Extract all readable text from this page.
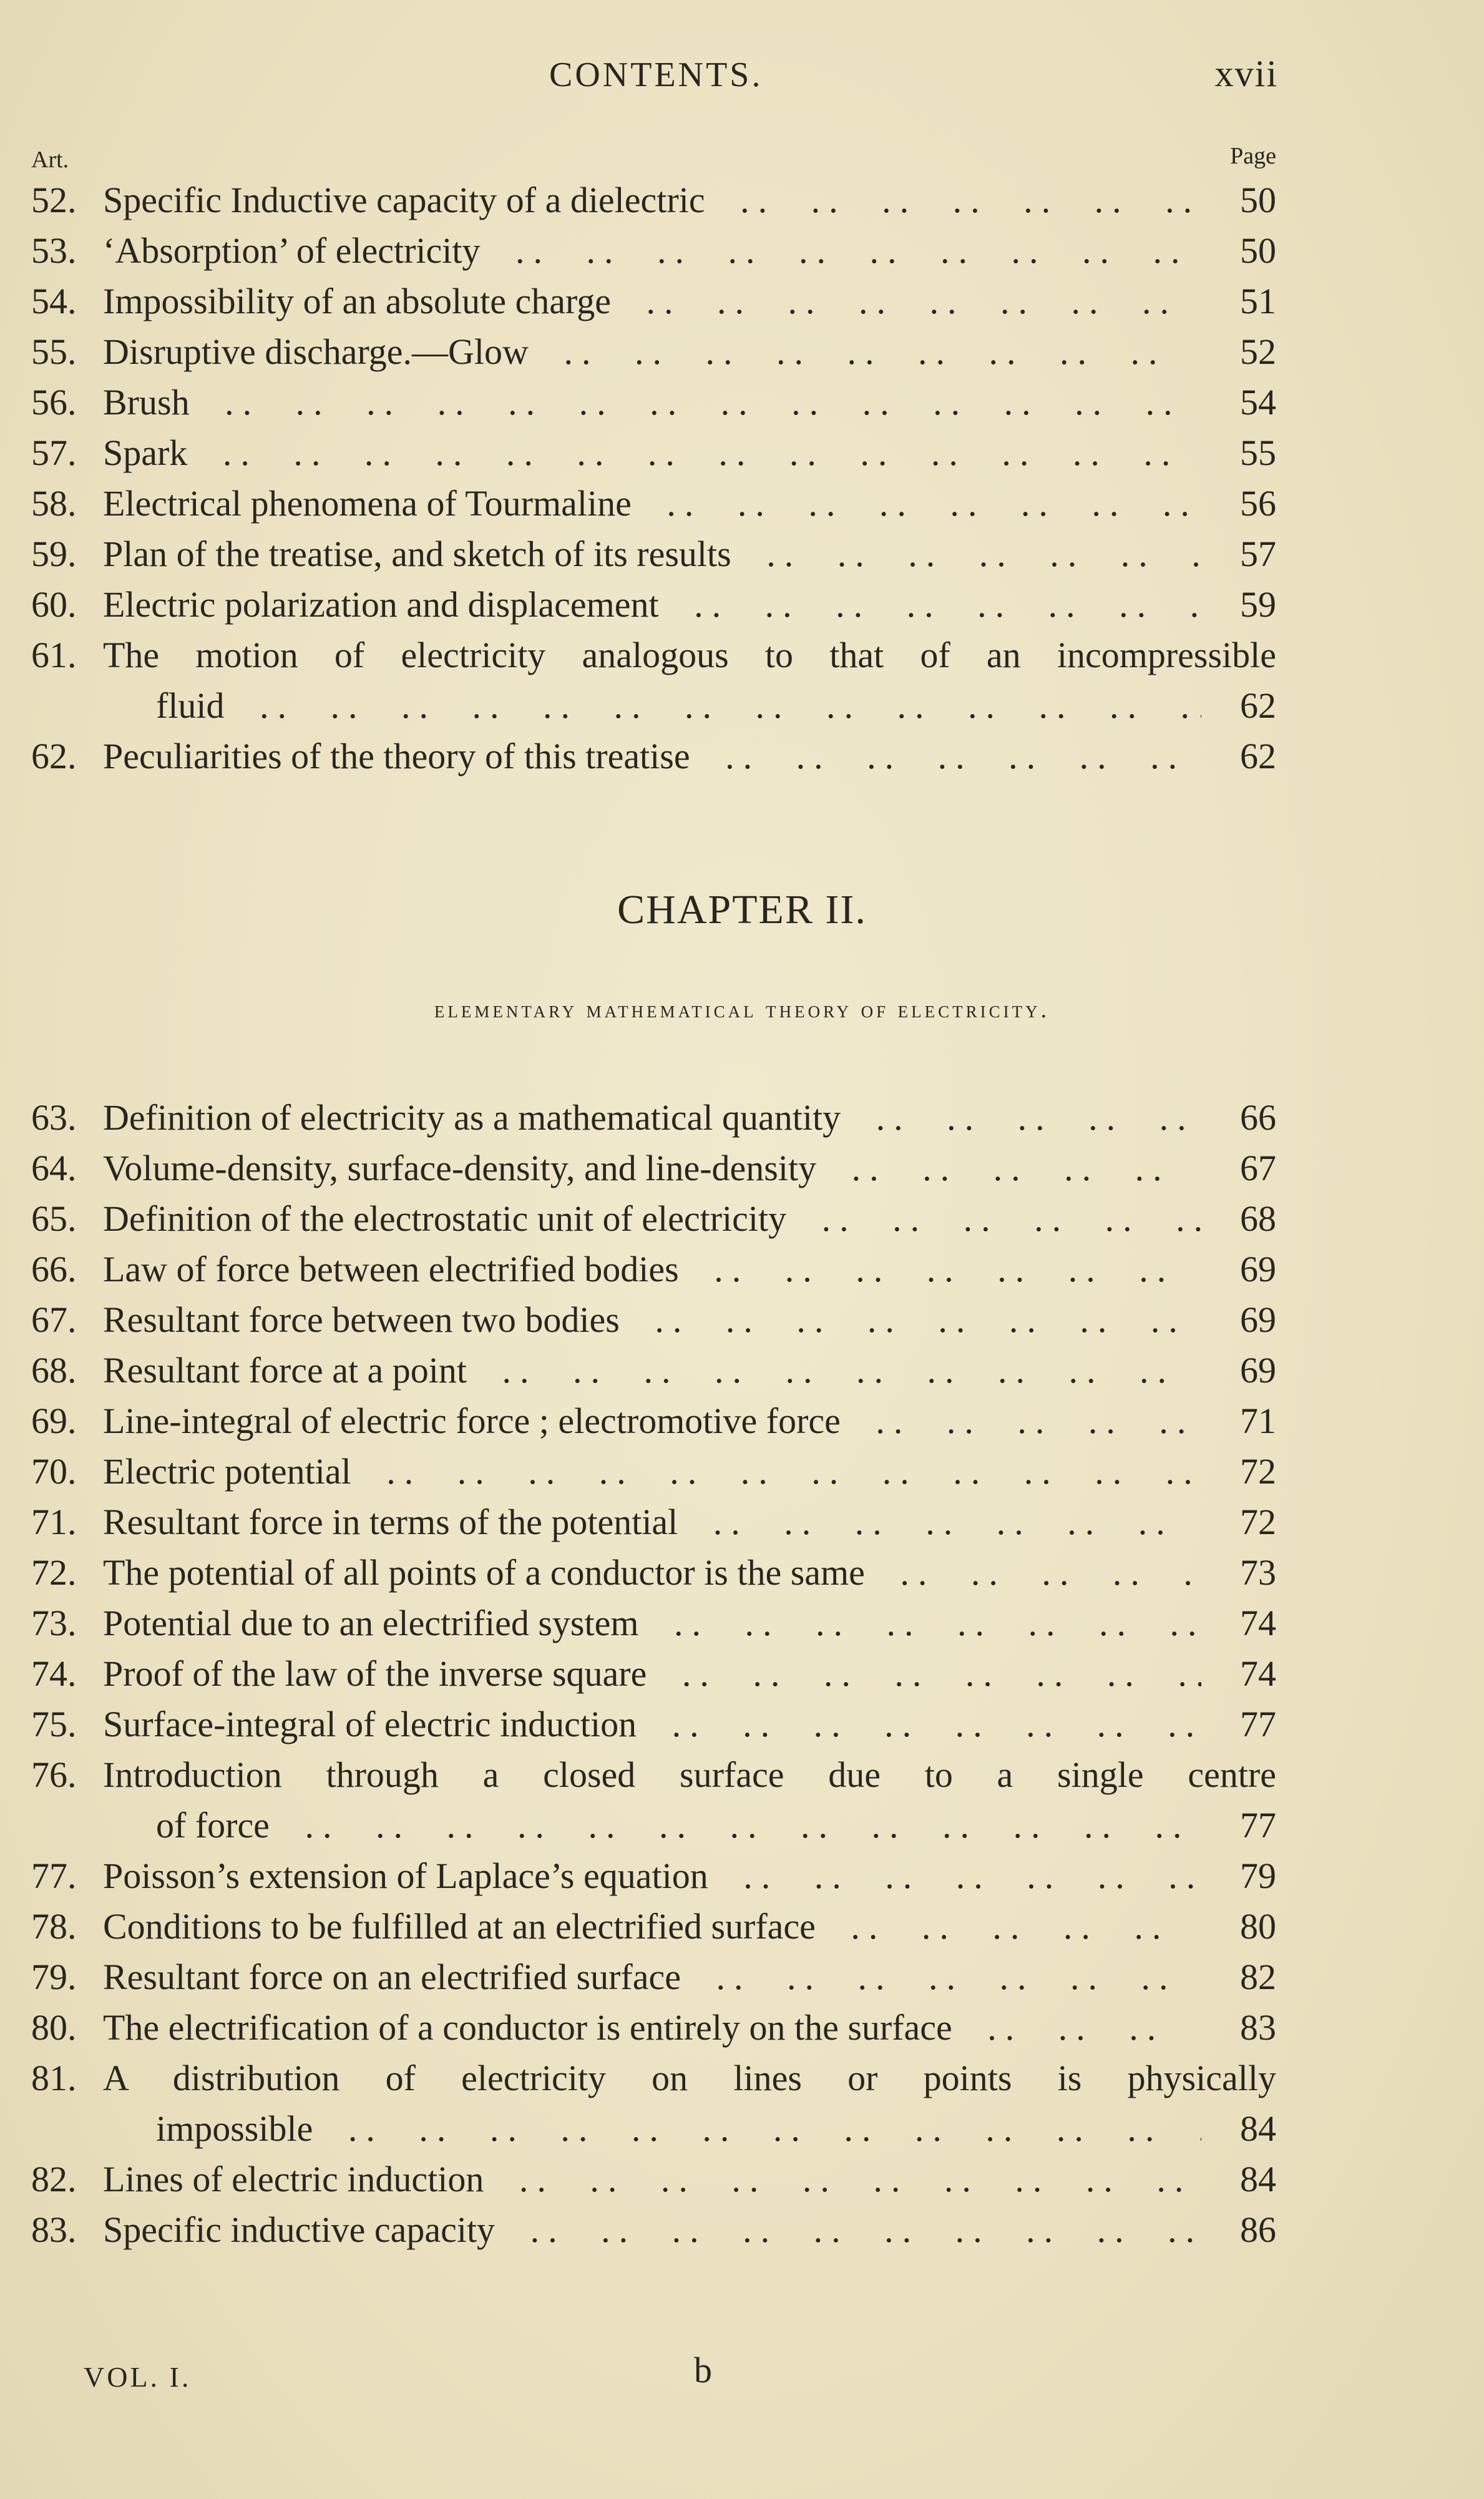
CONTENTS.	xvii
Art.	Page
52. Specific Inductive capacity of a dielectric .. ..	50
53. ‘Absorption’ of electricity .. ..	50
54. Impossibility of an absolute charge .. ..	51
55. Disruptive discharge.—Glow .. ..	52
56. Brush .. ..	54
57. Spark .. ..	55
58. Electrical phenomena of Tourmaline .. ..	56
59. Plan of the treatise, and sketch of its results .. ..	57
60. Electric polarization and displacement .. ..	59
61. The motion of electricity analogous to that of an incompressible
fluid .. ..	62
62. Peculiarities of the theory of this treatise .. ..	62
CHAPTER II.
elementary mathematical theory of electricity.
63. Definition of electricity as a mathematical quantity .. ..	66
64. Volume-density, surface-density, and line-density .. ..	67
65. Definition of the electrostatic unit of electricity .. ..	68
66. Law of force between electrified bodies .. ..	69
67. Resultant force between two bodies .. ..	69
68. Resultant force at a point .. ..	69
69. Line-integral of electric force ; electromotive force .. ..	71
70. Electric potential .. ..	72
71. Resultant force in terms of the potential .. ..	72
72. The potential of all points of a conductor is the same .. ..	73
73. Potential due to an electrified system .. ..	74
74. Proof of the law of the inverse square .. ..	74
75. Surface-integral of electric induction .. ..	77
76. Introduction through a closed surface due to a single centre
of force .. ..	77
77. Poisson’s extension of Laplace’s equation .. ..	79
78. Conditions to be fulfilled at an electrified surface .. ..	80
79. Resultant force on an electrified surface .. ..	82
80. The electrification of a conductor is entirely on the surface .. ..	83
81. A distribution of electricity on lines or points is physically
impossible .. ..	84
82. Lines of electric induction .. ..	84
83. Specific inductive capacity .. ..	86
VOL. I.	b
